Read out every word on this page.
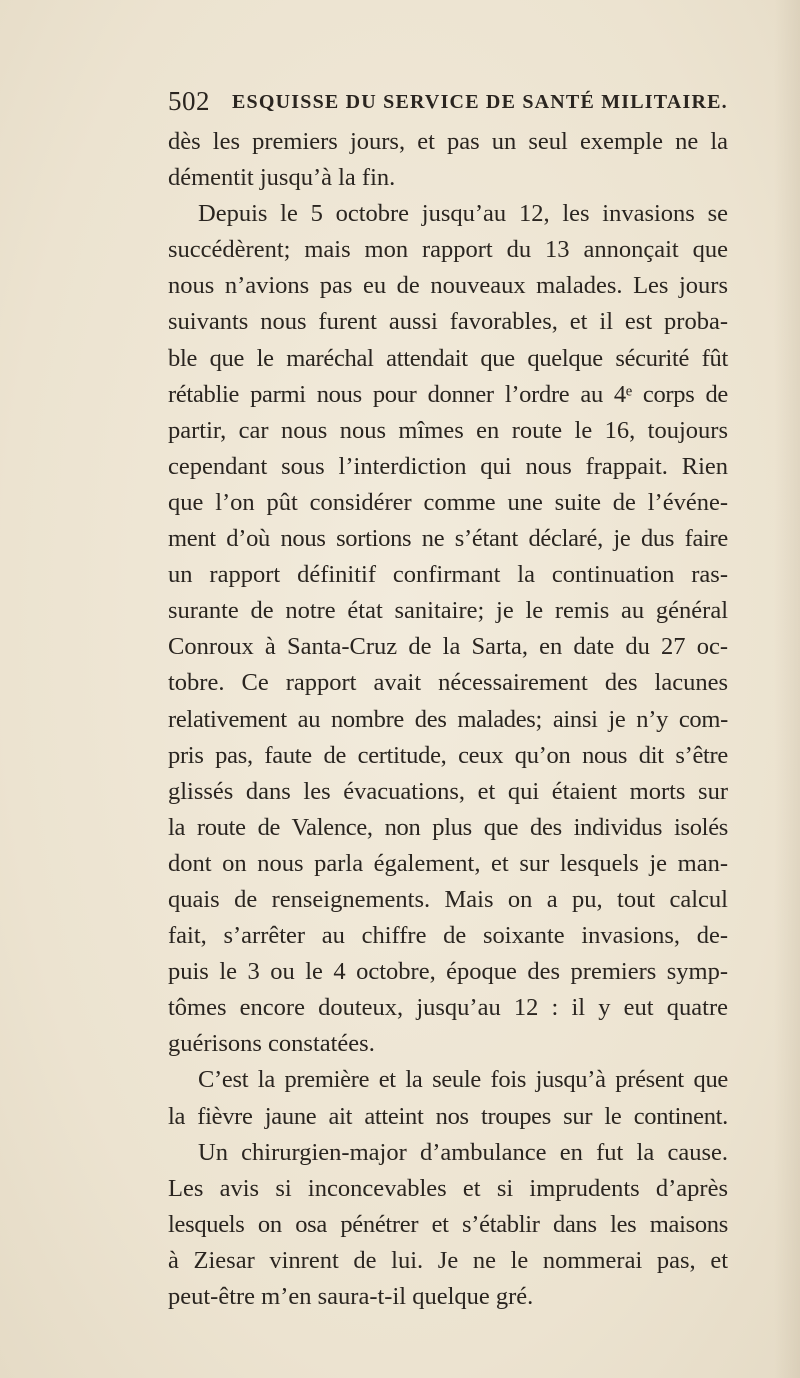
502 ESQUISSE DU SERVICE DE SANTÉ MILITAIRE.
dès les premiers jours, et pas un seul exemple ne la
démentit jusqu’à la fin.
Depuis le 5 octobre jusqu’au 12, les invasions se
succédèrent; mais mon rapport du 13 annonçait que
nous n’avions pas eu de nouveaux malades. Les jours
suivants nous furent aussi favorables, et il est proba-
ble que le maréchal attendait que quelque sécurité fût
rétablie parmi nous pour donner l’ordre au 4ᵉ corps de
partir, car nous nous mîmes en route le 16, toujours
cependant sous l’interdiction qui nous frappait. Rien
que l’on pût considérer comme une suite de l’événe-
ment d’où nous sortions ne s’étant déclaré, je dus faire
un rapport définitif confirmant la continuation ras-
surante de notre état sanitaire; je le remis au général
Conroux à Santa-Cruz de la Sarta, en date du 27 oc-
tobre. Ce rapport avait nécessairement des lacunes
relativement au nombre des malades; ainsi je n’y com-
pris pas, faute de certitude, ceux qu’on nous dit s’être
glissés dans les évacuations, et qui étaient morts sur
la route de Valence, non plus que des individus isolés
dont on nous parla également, et sur lesquels je man-
quais de renseignements. Mais on a pu, tout calcul
fait, s’arrêter au chiffre de soixante invasions, de-
puis le 3 ou le 4 octobre, époque des premiers symp-
tômes encore douteux, jusqu’au 12 : il y eut quatre
guérisons constatées.
C’est la première et la seule fois jusqu’à présent que
la fièvre jaune ait atteint nos troupes sur le continent.
Un chirurgien-major d’ambulance en fut la cause.
Les avis si inconcevables et si imprudents d’après
lesquels on osa pénétrer et s’établir dans les maisons
à Ziesar vinrent de lui. Je ne le nommerai pas, et
peut-être m’en saura-t-il quelque gré.
